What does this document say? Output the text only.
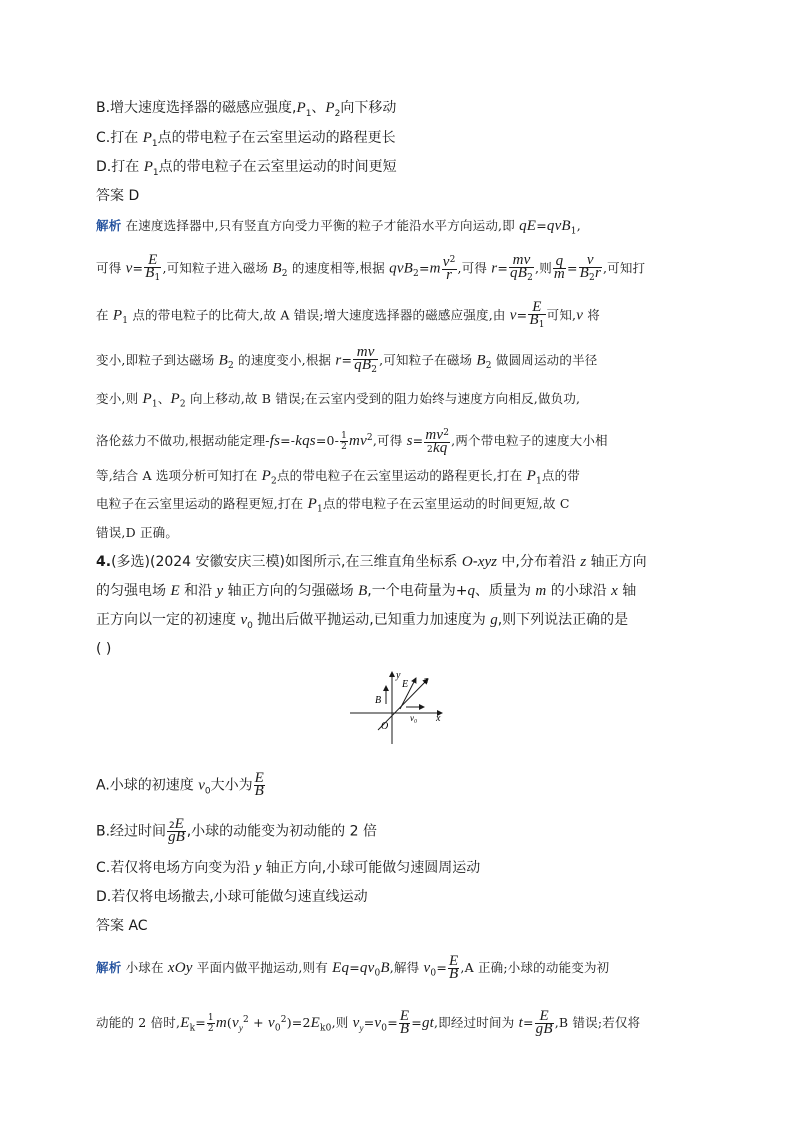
B.增大速度选择器的磁感应强度$,P_1$、$P_2$向下移动
C.打在 $P_1$点的带电粒子在云室里运动的路程更长
D.打在 $P_1$点的带电粒子在云室里运动的时间更短
答案 D
解析 在速度选择器中,只有竖直方向受力平衡的粒子才能沿水平方向运动,即 qE=qvB$_1$,
可得 $v= \frac{E}{B_1}$ ,可知粒子进入磁场 $B_2$ 的速度相等,根据 $qvB_2=m \frac{v^2}{r}$ ,可得 $r= \frac{mv}{qB_2}$ ,则 $\frac{q}{m} = \frac{v}{B_2r}$ ,可知打
在 $P_1$ 点的带电粒子的比荷大,故 A 错误;增大速度选择器的磁感应强度,由 $v= \frac{E}{B_1}$ 可知,v 将
变小,即粒子到达磁场 $B_2$ 的速度变小,根据 $r= \frac{mv}{qB_2}$ ,可知粒子在磁场 $B_2$ 做圆周运动的半径
变小,则 $P_1$、$P_2$ 向上移动,故 B 错误;在云室内受到的阻力始终与速度方向相反,做负功,
洛伦兹力不做功,根据动能定理$-fs=-kqs=0- \frac{1}{2} mv^2$,可得 $s= \frac{mv^2}{2kq}$ ,两个带电粒子的速度大小相
等,结合 A 选项分析可知打在 $P_2$点的带电粒子在云室里运动的路程更长,打在 $P_1$点的带
电粒子在云室里运动的路程更短,打在 $P_1$点的带电粒子在云室里运动的时间更短,故 C
错误,D 正确。
4.(多选)(2024 安徽安庆三模)如图所示,在三维直角坐标系 O-xyz 中,分布着沿 z 轴正方向
的匀强电场 E 和沿 y 轴正方向的匀强磁场 B,一个电荷量为+q、质量为 m 的小球沿 x 轴
正方向以一定的初速度 $v_0$ 抛出后做平抛运动,已知重力加速度为 g,则下列说法正确的是
( )
y
E z
B
v₀ x
O
A.小球的初速度 $v_0$大小为 $\frac{E}{B}$
B.经过时间 $\frac{2E}{gB}$ ,小球的动能变为初动能的 2 倍
C.若仅将电场方向变为沿 y 轴正方向,小球可能做匀速圆周运动
D.若仅将电场撤去,小球可能做匀速直线运动
答案 AC
解析 小球在 xOy 平面内做平抛运动,则有 $Eq=qv_0B$,解得 $v_0= \frac{E}{B} ,A$ 正确;小球的动能变为初
动能的 2 倍时$,E_k= \frac{1}{2} m(v_y^2 + v_0^2)=2E_{k0}$,则 $v_y=v_0= \frac{E}{B} =gt$,即经过时间为 $t= \frac{E}{gB} ,B$ 错误;若仅将
